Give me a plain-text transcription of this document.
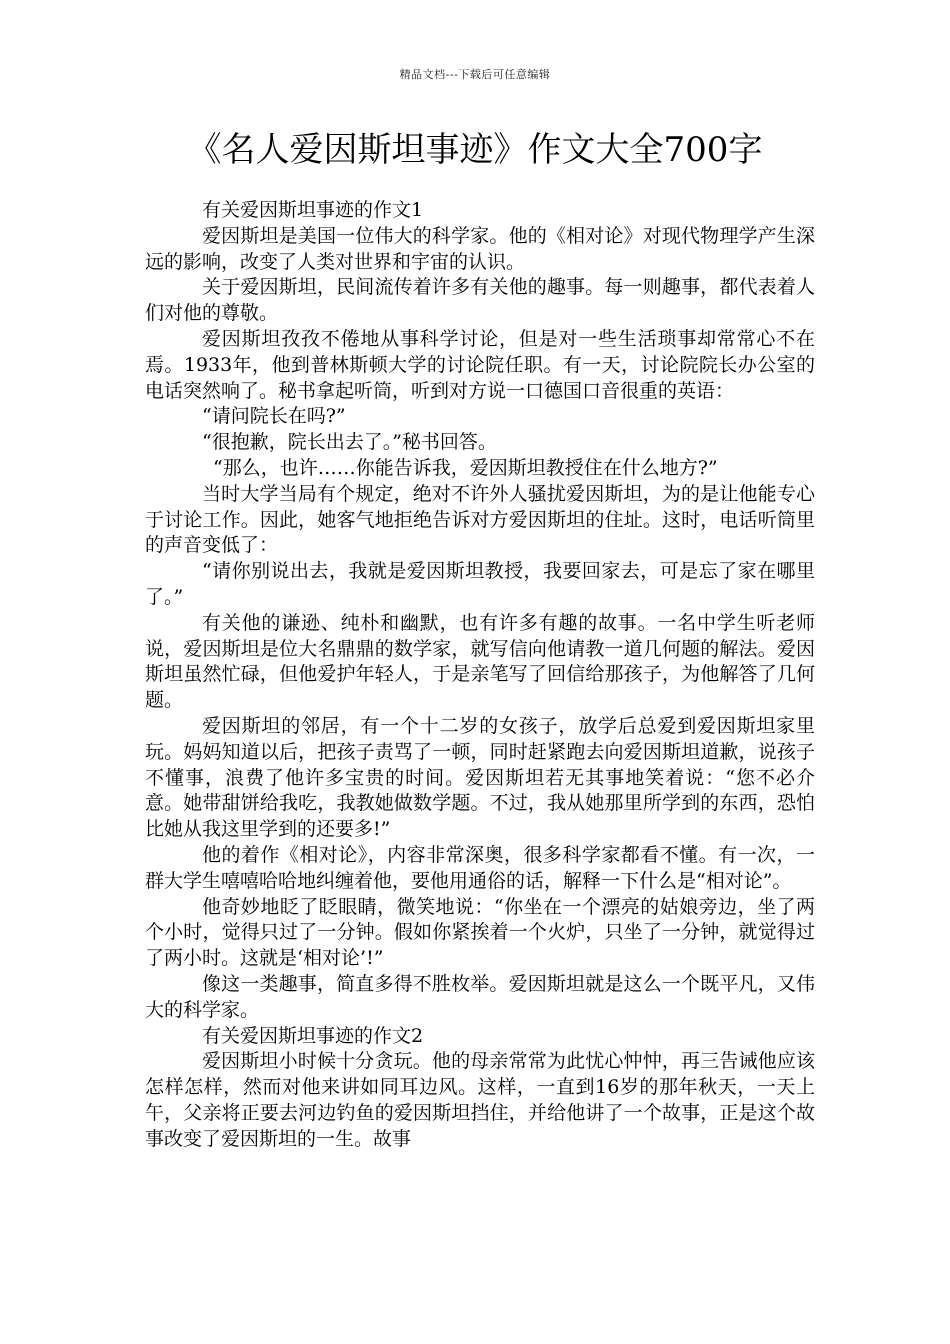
精品文档---下载后可任意编辑
《名人爱因斯坦事迹》作文大全700字

有关爱因斯坦事迹的作文1

爱因斯坦是美国一位伟大的科学家。他的《相对论》对现代物理学产生深远的影响，改变了人类对世界和宇宙的认识。

关于爱因斯坦，民间流传着许多有关他的趣事。每一则趣事，都代表着人们对他的尊敬。

爱因斯坦孜孜不倦地从事科学讨论，但是对一些生活琐事却常常心不在焉。1933年，他到普林斯顿大学的讨论院任职。有一天，讨论院院长办公室的电话突然响了。秘书拿起听筒，听到对方说一口德国口音很重的英语：

“请问院长在吗?”

“很抱歉，院长出去了。”秘书回答。

“那么，也许……你能告诉我，爱因斯坦教授住在什么地方?”

当时大学当局有个规定，绝对不许外人骚扰爱因斯坦，为的是让他能专心于讨论工作。因此，她客气地拒绝告诉对方爱因斯坦的住址。这时，电话听筒里的声音变低了：

“请你别说出去，我就是爱因斯坦教授，我要回家去，可是忘了家在哪里了。”

有关他的谦逊、纯朴和幽默，也有许多有趣的故事。一名中学生听老师说，爱因斯坦是位大名鼎鼎的数学家，就写信向他请教一道几何题的解法。爱因斯坦虽然忙碌，但他爱护年轻人，于是亲笔写了回信给那孩子，为他解答了几何题。

爱因斯坦的邻居，有一个十二岁的女孩子，放学后总爱到爱因斯坦家里玩。妈妈知道以后，把孩子责骂了一顿，同时赶紧跑去向爱因斯坦道歉，说孩子不懂事，浪费了他许多宝贵的时间。爱因斯坦若无其事地笑着说：“您不必介意。她带甜饼给我吃，我教她做数学题。不过，我从她那里所学到的东西，恐怕比她从我这里学到的还要多!”

他的着作《相对论》，内容非常深奥，很多科学家都看不懂。有一次，一群大学生嘻嘻哈哈地纠缠着他，要他用通俗的话，解释一下什么是“相对论”。

他奇妙地眨了眨眼睛，微笑地说：“你坐在一个漂亮的姑娘旁边，坐了两个小时，觉得只过了一分钟。假如你紧挨着一个火炉，只坐了一分钟，就觉得过了两小时。这就是‘相对论’!”

像这一类趣事，简直多得不胜枚举。爱因斯坦就是这么一个既平凡，又伟大的科学家。

有关爱因斯坦事迹的作文2

爱因斯坦小时候十分贪玩。他的母亲常常为此忧心忡忡，再三告诫他应该怎样怎样，然而对他来讲如同耳边风。这样，一直到16岁的那年秋天，一天上午，父亲将正要去河边钓鱼的爱因斯坦挡住，并给他讲了一个故事，正是这个故事改变了爱因斯坦的一生。故事
